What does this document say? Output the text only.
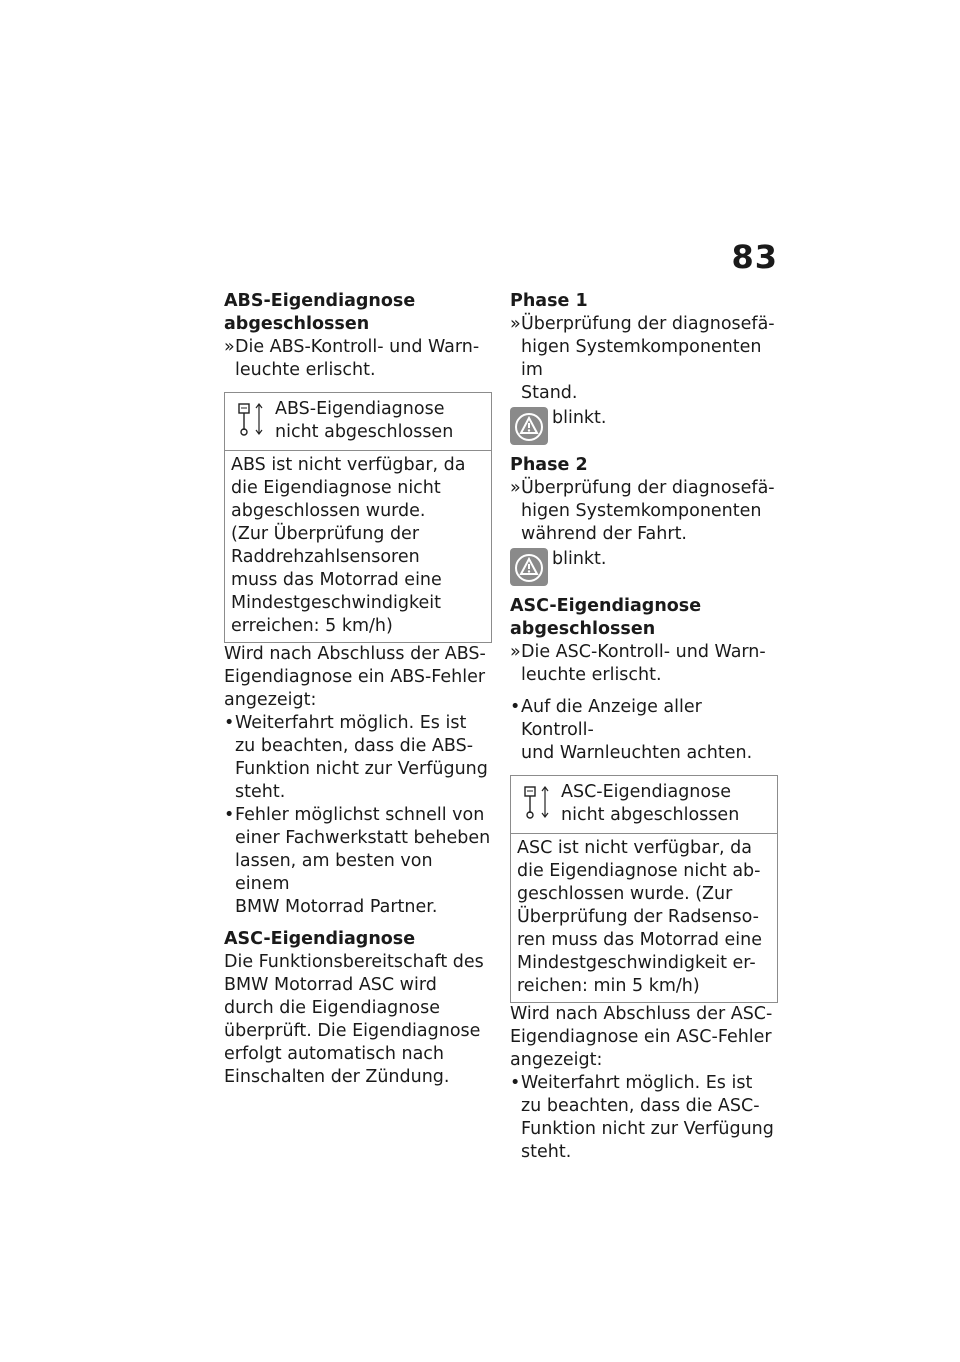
83
ABS-Eigendiagnose
abgeschlossen
» Die ABS-Kontroll- und Warn-
leuchte erlischt.
ABS-Eigendiagnose
nicht abgeschlossen
ABS ist nicht verfügbar, da
die Eigendiagnose nicht
abgeschlossen wurde.
(Zur Überprüfung der
Raddrehzahlsensoren
muss das Motorrad eine
Mindestgeschwindigkeit
erreichen: 5 km/h)
Wird nach Abschluss der ABS-
Eigendiagnose ein ABS-Fehler
angezeigt:
• Weiterfahrt möglich. Es ist
zu beachten, dass die ABS-
Funktion nicht zur Verfügung
steht.
• Fehler möglichst schnell von
einer Fachwerkstatt beheben
lassen, am besten von einem
BMW Motorrad Partner.
ASC-Eigendiagnose
Die Funktionsbereitschaft des
BMW Motorrad ASC wird
durch die Eigendiagnose
überprüft. Die Eigendiagnose
erfolgt automatisch nach
Einschalten der Zündung.
Phase 1
» Überprüfung der diagnosefä-
higen Systemkomponenten im
Stand.
blinkt.
Phase 2
» Überprüfung der diagnosefä-
higen Systemkomponenten
während der Fahrt.
blinkt.
ASC-Eigendiagnose
abgeschlossen
» Die ASC-Kontroll- und Warn-
leuchte erlischt.
• Auf die Anzeige aller Kontroll-
und Warnleuchten achten.
ASC-Eigendiagnose
nicht abgeschlossen
ASC ist nicht verfügbar, da
die Eigendiagnose nicht ab-
geschlossen wurde. (Zur
Überprüfung der Radsenso-
ren muss das Motorrad eine
Mindestgeschwindigkeit er-
reichen: min 5 km/h)
Wird nach Abschluss der ASC-
Eigendiagnose ein ASC-Fehler
angezeigt:
• Weiterfahrt möglich. Es ist
zu beachten, dass die ASC-
Funktion nicht zur Verfügung
steht.
